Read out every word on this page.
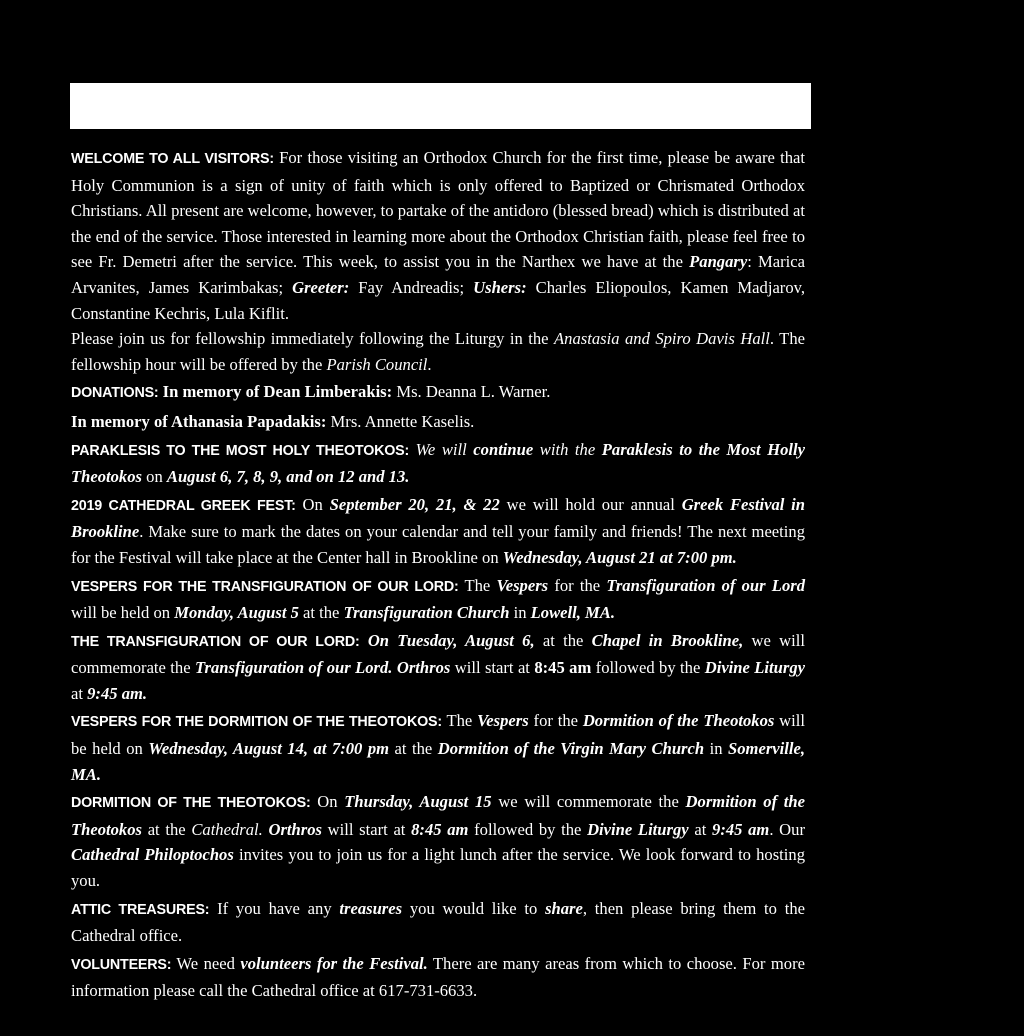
WELCOME TO ALL VISITORS: For those visiting an Orthodox Church for the first time, please be aware that Holy Communion is a sign of unity of faith which is only offered to Baptized or Chrismated Orthodox Christians. All present are welcome, however, to partake of the antidoro (blessed bread) which is distributed at the end of the service. Those interested in learning more about the Orthodox Christian faith, please feel free to see Fr. Demetri after the service. This week, to assist you in the Narthex we have at the Pangary: Marica Arvanites, James Karimbakas; Greeter: Fay Andreadis; Ushers: Charles Eliopoulos, Kamen Madjarov, Constantine Kechris, Lula Kiflit.

Please join us for fellowship immediately following the Liturgy in the Anastasia and Spiro Davis Hall. The fellowship hour will be offered by the Parish Council.

DONATIONS: In memory of Dean Limberakis: Ms. Deanna L. Warner.

In memory of Athanasia Papadakis: Mrs. Annette Kaselis.

PARAKLESIS TO THE MOST HOLY THEOTOKOS: We will continue with the Paraklesis to the Most Holly Theotokos on August 6, 7, 8, 9, and on 12 and 13.

2019 CATHEDRAL GREEK FEST: On September 20, 21, & 22 we will hold our annual Greek Festival in Brookline. Make sure to mark the dates on your calendar and tell your family and friends! The next meeting for the Festival will take place at the Center hall in Brookline on Wednesday, August 21 at 7:00 pm.

VESPERS FOR THE TRANSFIGURATION OF OUR LORD: The Vespers for the Transfiguration of our Lord will be held on Monday, August 5 at the Transfiguration Church in Lowell, MA.

THE TRANSFIGURATION OF OUR LORD: On Tuesday, August 6, at the Chapel in Brookline, we will commemorate the Transfiguration of our Lord. Orthros will start at 8:45 am followed by the Divine Liturgy at 9:45 am.

VESPERS FOR THE DORMITION OF THE THEOTOKOS: The Vespers for the Dormition of the Theotokos will be held on Wednesday, August 14, at 7:00 pm at the Dormition of the Virgin Mary Church in Somerville, MA.

DORMITION OF THE THEOTOKOS: On Thursday, August 15 we will commemorate the Dormition of the Theotokos at the Cathedral. Orthros will start at 8:45 am followed by the Divine Liturgy at 9:45 am. Our Cathedral Philoptochos invites you to join us for a light lunch after the service. We look forward to hosting you.

ATTIC TREASURES: If you have any treasures you would like to share, then please bring them to the Cathedral office.

VOLUNTEERS: We need volunteers for the Festival. There are many areas from which to choose. For more information please call the Cathedral office at 617-731-6633.
